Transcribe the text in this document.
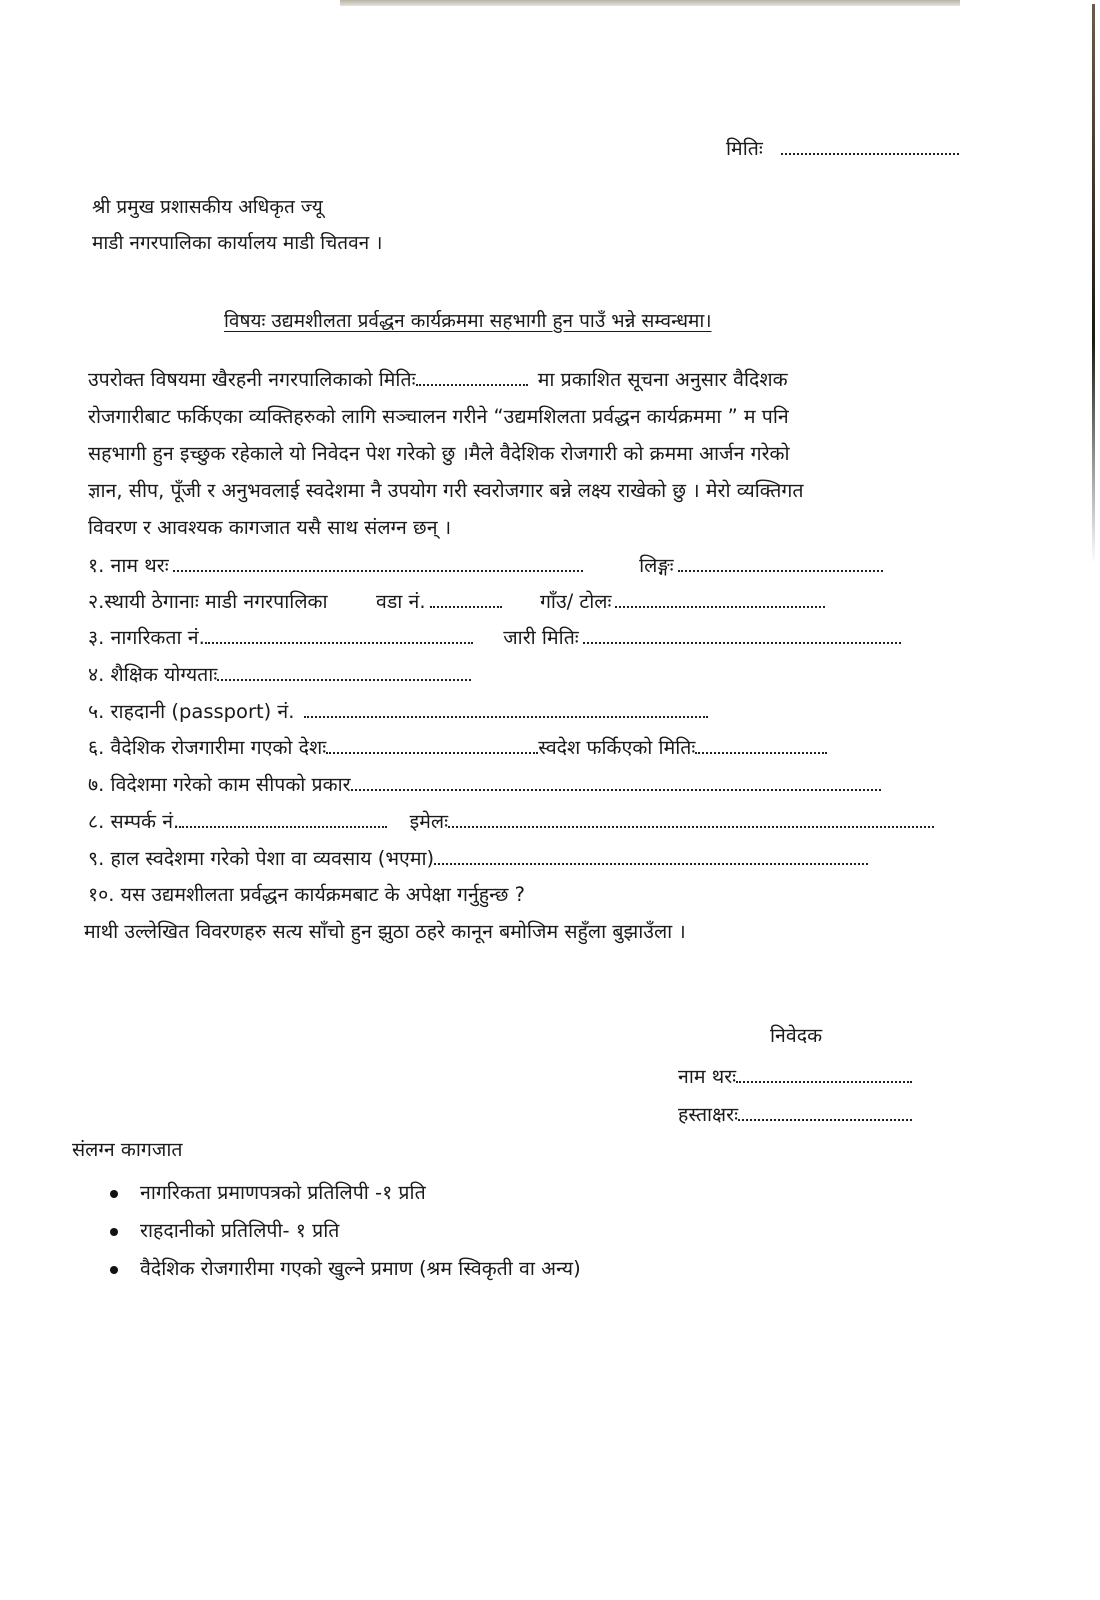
मितिः
श्री प्रमुख प्रशासकीय अधिकृत ज्यू
माडी नगरपालिका कार्यालय माडी चितवन ।
विषयः उद्यमशीलता प्रर्वद्धन कार्यक्रममा सहभागी हुन पाउँ भन्ने सम्वन्धमा।
उपरोक्त विषयमा खैरहनी नगरपालिकाको मितिः	मा प्रकाशित सूचना अनुसार वैदिशक
रोजगारीबाट फर्किएका व्यक्तिहरुको लागि सञ्चालन गरीने “उद्यमशिलता प्रर्वद्धन कार्यक्रममा ” म पनि
सहभागी हुन इच्छुक रहेकाले यो निवेदन पेश गरेको छु ।मैले वैदेशिक रोजगारी को क्रममा आर्जन गरेको
ज्ञान, सीप, पूँजी र अनुभवलाई स्वदेशमा नै उपयोग गरी स्वरोजगार बन्ने लक्ष्य राखेको छु । मेरो व्यक्तिगत
विवरण र आवश्यक कागजात यसै साथ संलग्न छन् ।
१. नाम थरः	लिङ्गः
२.स्थायी ठेगानाः माडी नगरपालिका वडा नं.	गाँउ/ टोलः
३. नागरिकता नं.	जारी मितिः
४. शैक्षिक योग्यताः
५. राहदानी (passport) नं.
६. वैदेशिक रोजगारीमा गएको देशः	स्वदेश फर्किएको मितिः
७. विदेशमा गरेको काम सीपको प्रकार
८. सम्पर्क नं.	इमेलः
९. हाल स्वदेशमा गरेको पेशा वा व्यवसाय (भएमा)
१०. यस उद्यमशीलता प्रर्वद्धन कार्यक्रमबाट के अपेक्षा गर्नुहुन्छ ?
माथी उल्लेखित विवरणहरु सत्य साँचो हुन झुठा ठहरे कानून बमोजिम सहुँला बुझाउँला ।
निवेदक
नाम थरः
हस्ताक्षरः
संलग्न कागजात
नागरिकता प्रमाणपत्रको प्रतिलिपी -१ प्रति
राहदानीको प्रतिलिपी- १ प्रति
वैदेशिक रोजगारीमा गएको खुल्ने प्रमाण (श्रम स्विकृती वा अन्य)
